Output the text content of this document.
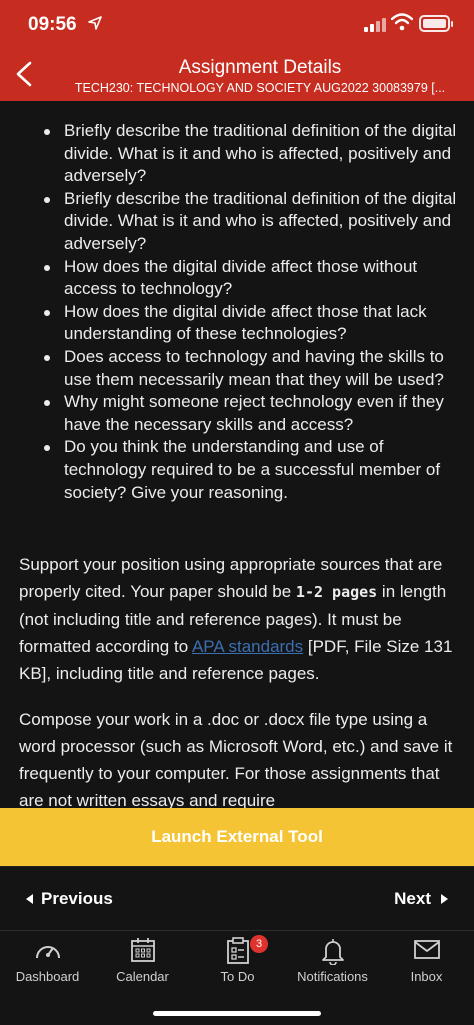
09:56
Assignment Details
TECH230: TECHNOLOGY AND SOCIETY AUG2022 30083979 [...
Briefly describe the traditional definition of the digital divide. What is it and who is affected, positively and adversely?
Briefly describe the traditional definition of the digital divide. What is it and who is affected, positively and adversely?
How does the digital divide affect those without access to technology?
How does the digital divide affect those that lack understanding of these technologies?
Does access to technology and having the skills to use them necessarily mean that they will be used?
Why might someone reject technology even if they have the necessary skills and access?
Do you think the understanding and use of technology required to be a successful member of society? Give your reasoning.

Support your position using appropriate sources that are properly cited. Your paper should be 1-2 pages in length (not including title and reference pages). It must be formatted according to APA standards [PDF, File Size 131 KB], including title and reference pages.

Compose your work in a .doc or .docx file type using a word processor (such as Microsoft Word, etc.) and save it frequently to your computer. For those assignments that are not written essays and require

Launch External Tool
Previous	Next
Dashboard	Calendar	To Do
3
Notifications	Inbox
